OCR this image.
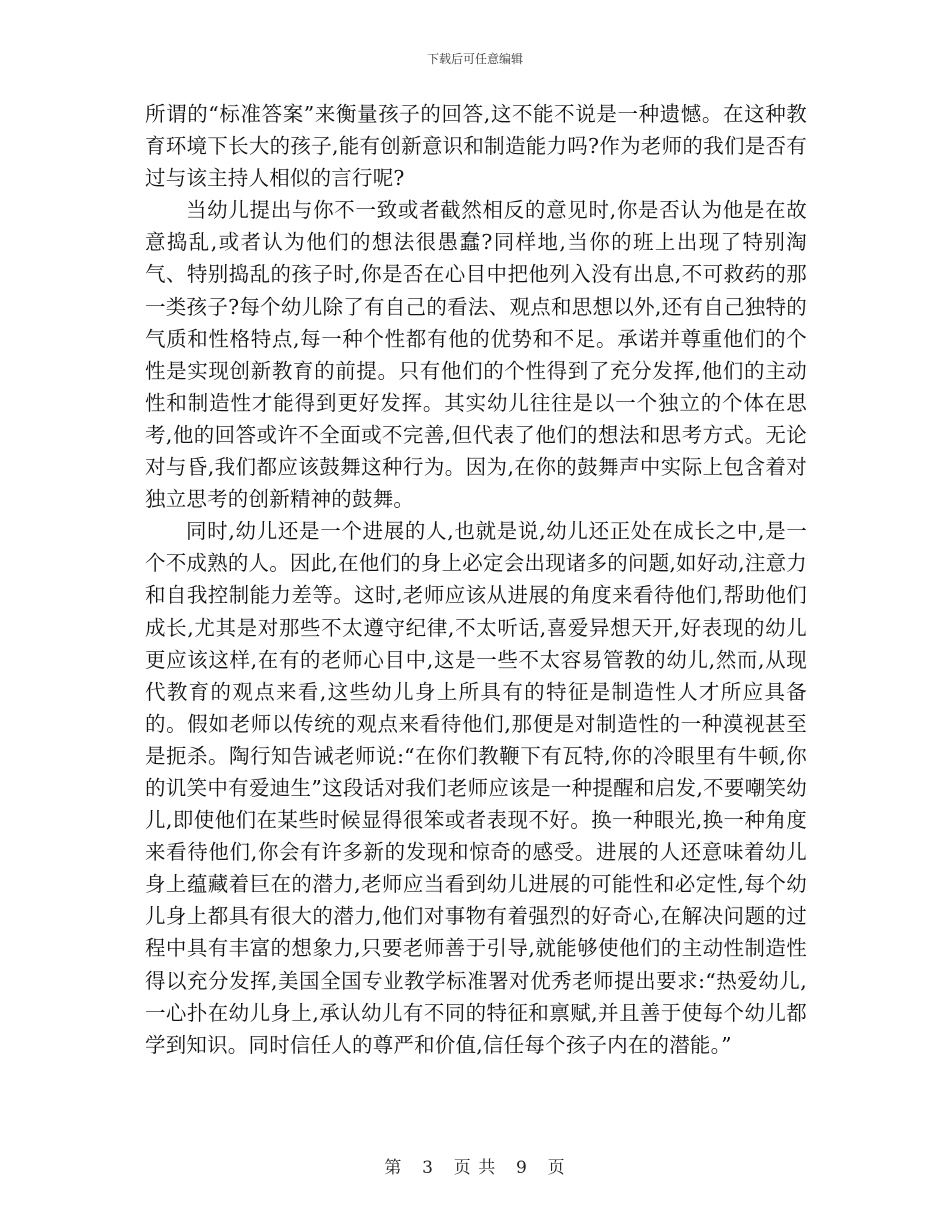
下载后可任意编辑

所谓的“标准答案”来衡量孩子的回答,这不能不说是一种遗憾。在这种教育环境下长大的孩子,能有创新意识和制造能力吗?作为老师的我们是否有过与该主持人相似的言行呢?

当幼儿提出与你不一致或者截然相反的意见时,你是否认为他是在故意捣乱,或者认为他们的想法很愚蠢?同样地,当你的班上出现了特别淘气、特别捣乱的孩子时,你是否在心目中把他列入没有出息,不可救药的那一类孩子?每个幼儿除了有自己的看法、观点和思想以外,还有自己独特的气质和性格特点,每一种个性都有他的优势和不足。承诺并尊重他们的个性是实现创新教育的前提。只有他们的个性得到了充分发挥,他们的主动性和制造性才能得到更好发挥。其实幼儿往往是以一个独立的个体在思考,他的回答或许不全面或不完善,但代表了他们的想法和思考方式。无论对与昏,我们都应该鼓舞这种行为。因为,在你的鼓舞声中实际上包含着对独立思考的创新精神的鼓舞。

同时,幼儿还是一个进展的人,也就是说,幼儿还正处在成长之中,是一个不成熟的人。因此,在他们的身上必定会出现诸多的问题,如好动,注意力和自我控制能力差等。这时,老师应该从进展的角度来看待他们,帮助他们成长,尤其是对那些不太遵守纪律,不太听话,喜爱异想天开,好表现的幼儿更应该这样,在有的老师心目中,这是一些不太容易管教的幼儿,然而,从现代教育的观点来看,这些幼儿身上所具有的特征是制造性人才所应具备的。假如老师以传统的观点来看待他们,那便是对制造性的一种漠视甚至是扼杀。陶行知告诫老师说:“在你们教鞭下有瓦特,你的冷眼里有牛顿,你的讥笑中有爱迪生”这段话对我们老师应该是一种提醒和启发,不要嘲笑幼儿,即使他们在某些时候显得很笨或者表现不好。换一种眼光,换一种角度来看待他们,你会有许多新的发现和惊奇的感受。进展的人还意味着幼儿身上蕴藏着巨在的潜力,老师应当看到幼儿进展的可能性和必定性,每个幼儿身上都具有很大的潜力,他们对事物有着强烈的好奇心,在解决问题的过程中具有丰富的想象力,只要老师善于引导,就能够使他们的主动性制造性得以充分发挥,美国全国专业教学标准署对优秀老师提出要求:“热爱幼儿,一心扑在幼儿身上,承认幼儿有不同的特征和禀赋,并且善于使每个幼儿都学到知识。同时信任人的尊严和价值,信任每个孩子内在的潜能。”

第 3 页 共 9 页
